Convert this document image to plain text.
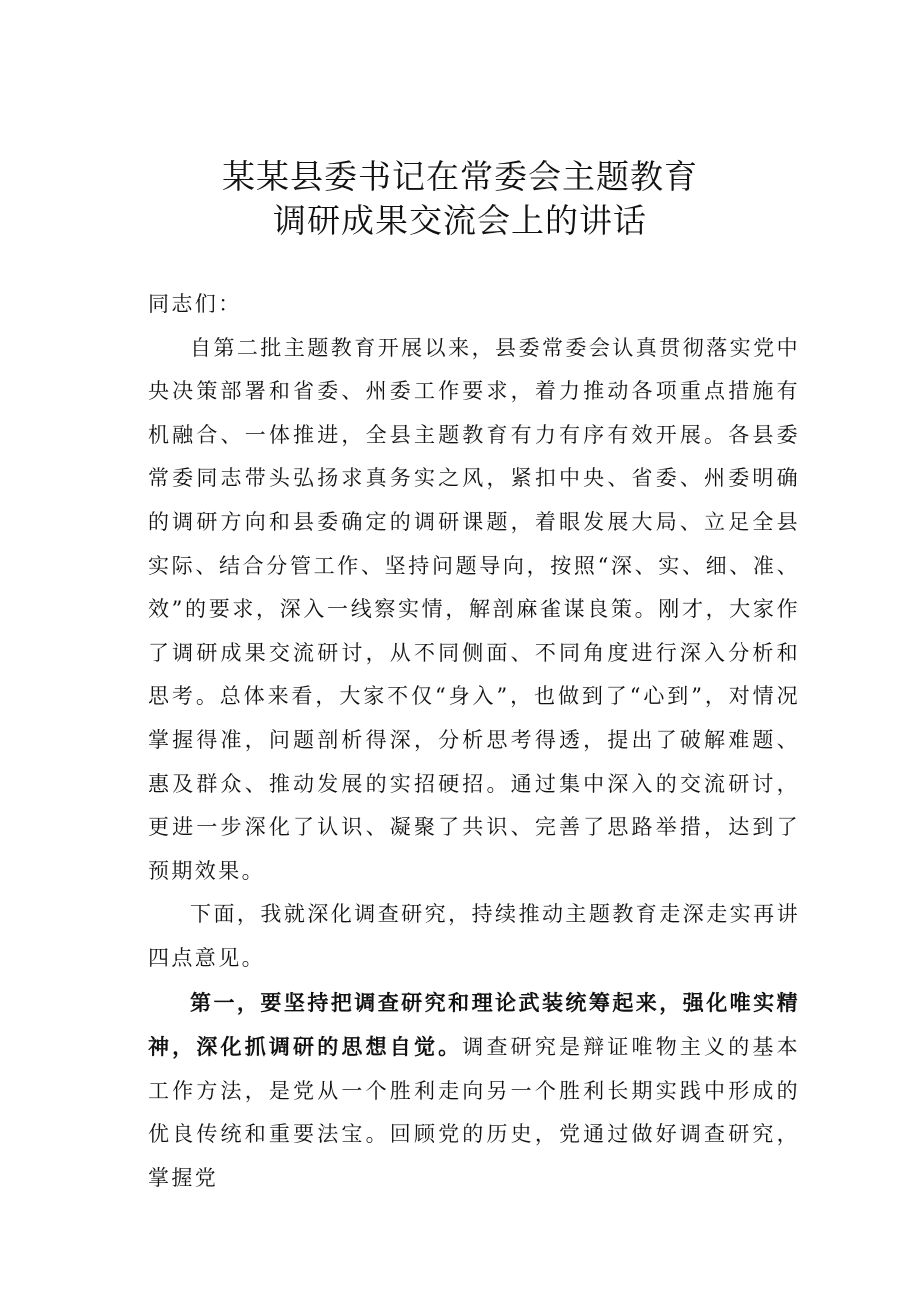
某某县委书记在常委会主题教育
调研成果交流会上的讲话

同志们：

自第二批主题教育开展以来，县委常委会认真贯彻落实党中央决策部署和省委、州委工作要求，着力推动各项重点措施有机融合、一体推进，全县主题教育有力有序有效开展。各县委常委同志带头弘扬求真务实之风，紧扣中央、省委、州委明确的调研方向和县委确定的调研课题，着眼发展大局、立足全县实际、结合分管工作、坚持问题导向，按照“深、实、细、准、效”的要求，深入一线察实情，解剖麻雀谋良策。刚才，大家作了调研成果交流研讨，从不同侧面、不同角度进行深入分析和思考。总体来看，大家不仅“身入”，也做到了“心到”，对情况掌握得准，问题剖析得深，分析思考得透，提出了破解难题、惠及群众、推动发展的实招硬招。通过集中深入的交流研讨，更进一步深化了认识、凝聚了共识、完善了思路举措，达到了预期效果。

下面，我就深化调查研究，持续推动主题教育走深走实再讲四点意见。

第一，要坚持把调查研究和理论武装统筹起来，强化唯实精神，深化抓调研的思想自觉。调查研究是辩证唯物主义的基本工作方法，是党从一个胜利走向另一个胜利长期实践中形成的优良传统和重要法宝。回顾党的历史，党通过做好调查研究，掌握党
